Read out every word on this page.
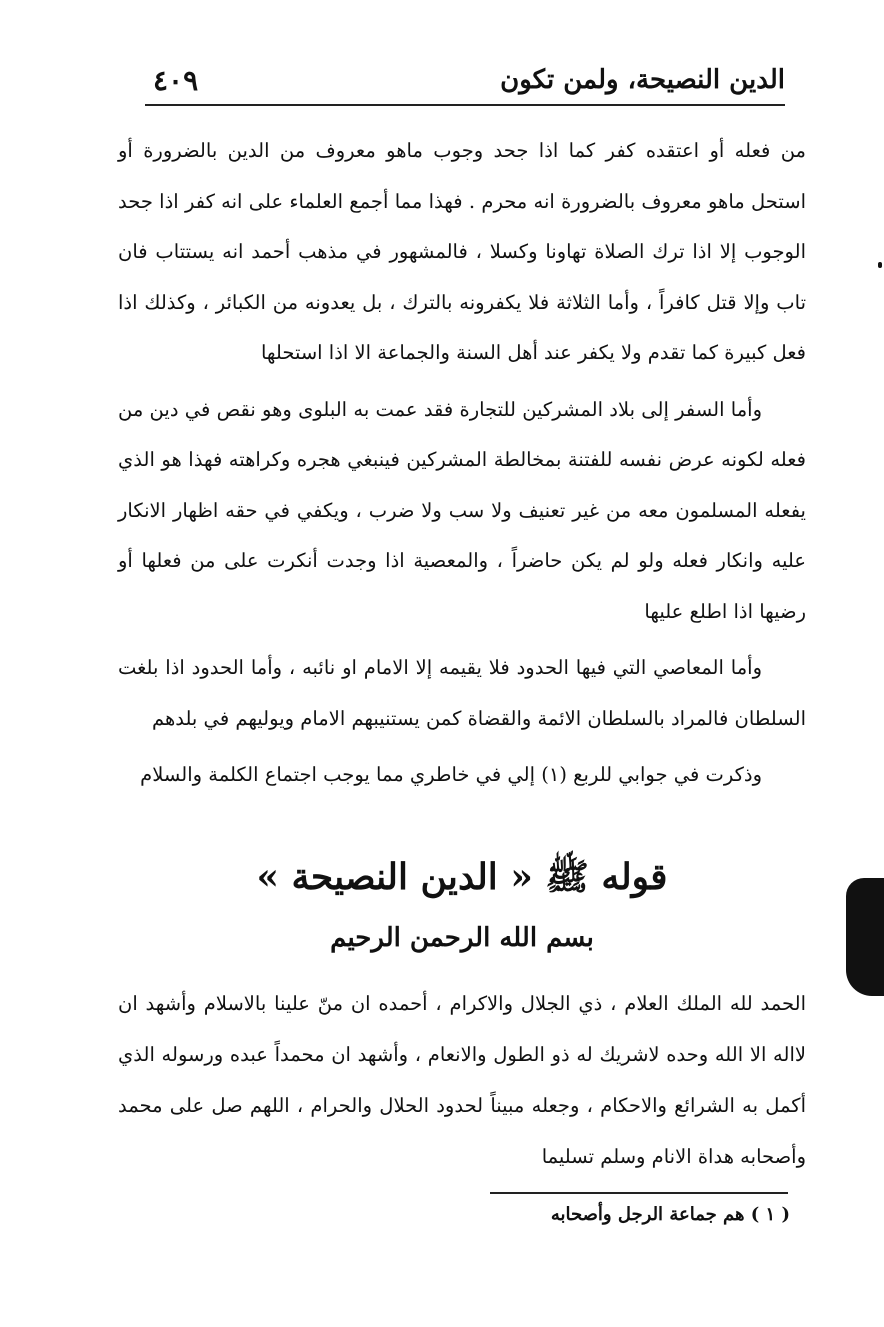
الدين النصيحة، ولمن تكون
٤٠٩

من فعله أو اعتقده كفر كما اذا جحد وجوب ماهو معروف من الدين بالضرورة أو استحل ماهو معروف بالضرورة انه محرم . فهذا مما أجمع العلماء على انه كفر اذا جحد الوجوب إلا اذا ترك الصلاة تهاونا وكسلا ، فالمشهور في مذهب أحمد انه يستتاب فان تاب وإلا قتل كافراً ، وأما الثلاثة فلا يكفرونه بالترك ، بل يعدونه من الكبائر ، وكذلك اذا فعل كبيرة كما تقدم ولا يكفر عند أهل السنة والجماعة الا اذا استحلها

وأما السفر إلى بلاد المشركين للتجارة فقد عمت به البلوى وهو نقص في دين من فعله لكونه عرض نفسه للفتنة بمخالطة المشركين فينبغي هجره وكراهته فهذا هو الذي يفعله المسلمون معه من غير تعنيف ولا سب ولا ضرب ، ويكفي في حقه اظهار الانكار عليه وانكار فعله ولو لم يكن حاضراً ، والمعصية اذا وجدت أنكرت على من فعلها أو رضيها اذا اطلع عليها

وأما المعاصي التي فيها الحدود فلا يقيمه إلا الامام او نائبه ، وأما الحدود اذا بلغت السلطان فالمراد بالسلطان الائمة والقضاة كمن يستنيبهم الامام ويوليهم في بلدهم

وذكرت في جوابي للربع (١) إلي في خاطري مما يوجب اجتماع الكلمة والسلام

قوله ﷺ « الدين النصيحة »
بسم الله الرحمن الرحيم

الحمد لله الملك العلام ، ذي الجلال والاكرام ، أحمده ان منّ علينا بالاسلام وأشهد ان لااله الا الله وحده لاشريك له ذو الطول والانعام ، وأشهد ان محمداً عبده ورسوله الذي أكمل به الشرائع والاحكام ، وجعله مبيناً لحدود الحلال والحرام ، اللهم صل على محمد وأصحابه هداة الانام وسلم تسليما

( ١ ) هم جماعة الرجل وأصحابه
